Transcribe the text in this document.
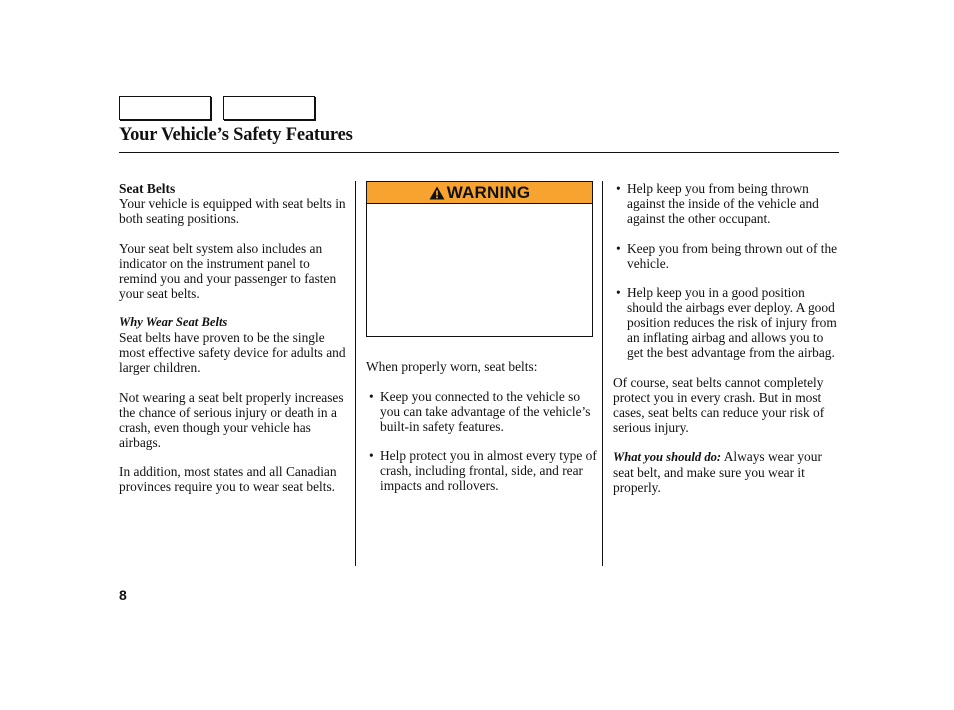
Your Vehicle’s Safety Features
Seat Belts

Your vehicle is equipped with seat belts in both seating positions.

Your seat belt system also includes an indicator on the instrument panel to remind you and your passenger to fasten your seat belts.

Why Wear Seat Belts

Seat belts have proven to be the single most effective safety device for adults and larger children.

Not wearing a seat belt properly increases the chance of serious injury or death in a crash, even though your vehicle has airbags.

In addition, most states and all Canadian provinces require you to wear seat belts.

WARNING

When properly worn, seat belts:

• Keep you connected to the vehicle so you can take advantage of the vehicle’s built-in safety features.
• Help protect you in almost every type of crash, including frontal, side, and rear impacts and rollovers.
• Help keep you from being thrown against the inside of the vehicle and against the other occupant.
• Keep you from being thrown out of the vehicle.
• Help keep you in a good position should the airbags ever deploy. A good position reduces the risk of injury from an inflating airbag and allows you to get the best advantage from the airbag.

Of course, seat belts cannot completely protect you in every crash. But in most cases, seat belts can reduce your risk of serious injury.

What you should do: Always wear your seat belt, and make sure you wear it properly.

8
